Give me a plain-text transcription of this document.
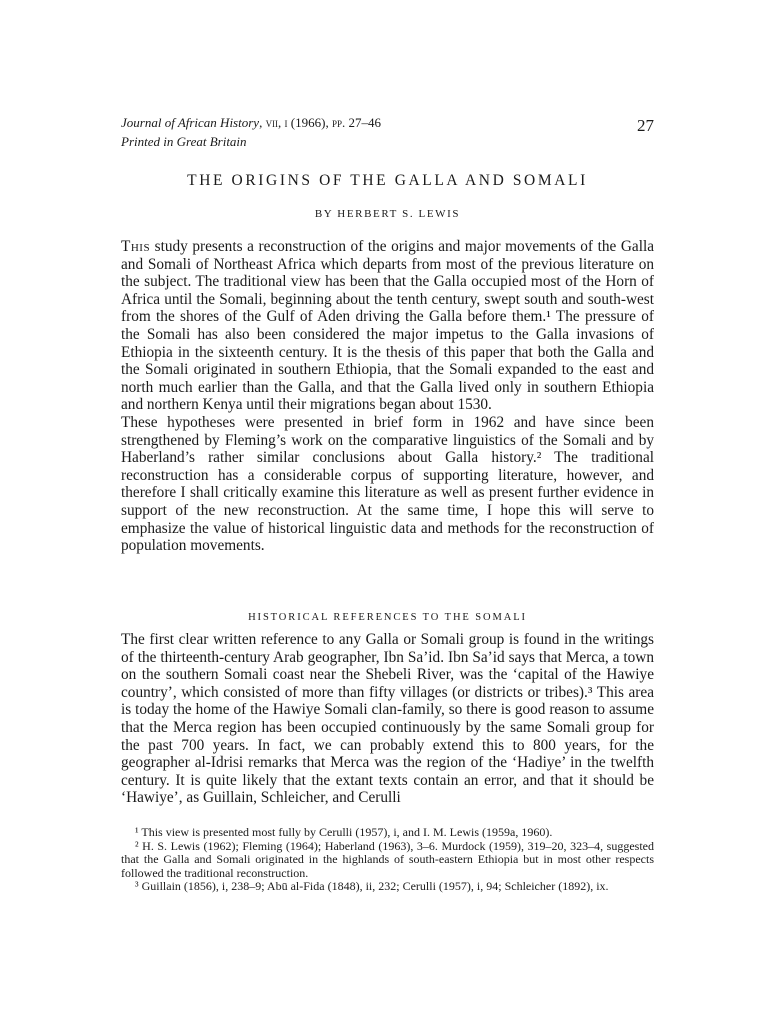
Journal of African History, vii, i (1966), pp. 27–46
Printed in Great Britain
27
THE ORIGINS OF THE GALLA AND SOMALI
BY HERBERT S. LEWIS

This study presents a reconstruction of the origins and major movements of the Galla and Somali of Northeast Africa which departs from most of the previous literature on the subject. The traditional view has been that the Galla occupied most of the Horn of Africa until the Somali, beginning about the tenth century, swept south and south-west from the shores of the Gulf of Aden driving the Galla before them.¹ The pressure of the Somali has also been considered the major impetus to the Galla invasions of Ethiopia in the sixteenth century. It is the thesis of this paper that both the Galla and the Somali originated in southern Ethiopia, that the Somali expanded to the east and north much earlier than the Galla, and that the Galla lived only in southern Ethiopia and northern Kenya until their migrations began about 1530.

These hypotheses were presented in brief form in 1962 and have since been strengthened by Fleming’s work on the comparative linguistics of the Somali and by Haberland’s rather similar conclusions about Galla history.² The traditional reconstruction has a considerable corpus of supporting literature, however, and therefore I shall critically examine this literature as well as present further evidence in support of the new reconstruction. At the same time, I hope this will serve to emphasize the value of historical linguistic data and methods for the reconstruction of population movements.

HISTORICAL REFERENCES TO THE SOMALI

The first clear written reference to any Galla or Somali group is found in the writings of the thirteenth-century Arab geographer, Ibn Sa’id. Ibn Sa’id says that Merca, a town on the southern Somali coast near the Shebeli River, was the ‘capital of the Hawiye country’, which consisted of more than fifty villages (or districts or tribes).³ This area is today the home of the Hawiye Somali clan-family, so there is good reason to assume that the Merca region has been occupied continuously by the same Somali group for the past 700 years. In fact, we can probably extend this to 800 years, for the geographer al-Idrisi remarks that Merca was the region of the ‘Hadiye’ in the twelfth century. It is quite likely that the extant texts contain an error, and that it should be ‘Hawiye’, as Guillain, Schleicher, and Cerulli

¹ This view is presented most fully by Cerulli (1957), i, and I. M. Lewis (1959a, 1960).

² H. S. Lewis (1962); Fleming (1964); Haberland (1963), 3–6. Murdock (1959), 319–20, 323–4, suggested that the Galla and Somali originated in the highlands of south-eastern Ethiopia but in most other respects followed the traditional reconstruction.

³ Guillain (1856), i, 238–9; Abū al-Fida (1848), ii, 232; Cerulli (1957), i, 94; Schleicher (1892), ix.
